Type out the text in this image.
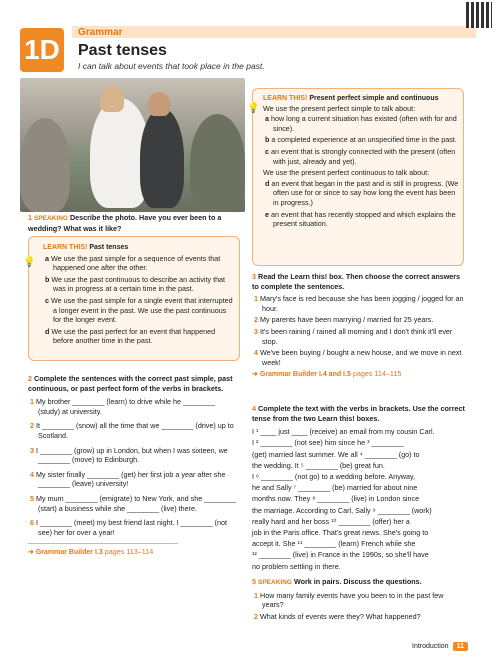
1D
Grammar
Past tenses
I can talk about events that took place in the past.
1 SPEAKING Describe the photo. Have you ever been to a wedding? What was it like?
💡
LEARN THIS! Past tenses
a We use the past simple for a sequence of events that happened one after the other.
b We use the past continuous to describe an activity that was in progress at a certain time in the past.
c We use the past simple for a single event that interrupted a longer event in the past. We use the past continuous for the longer event.
d We use the past perfect for an event that happened before another time in the past.
2 Complete the sentences with the correct past simple, past continuous, or past perfect form of the verbs in brackets.
1 My brother ________ (learn) to drive while he ________ (study) at university.
2 It ________ (snow) all the time that we ________ (drive) up to Scotland.
3 I ________ (grow) up in London, but when I was sixteen, we ________ (move) to Edinburgh.
4 My sister finally ________ (get) her first job a year after she ________ (leave) university!
5 My mum ________ (emigrate) to New York, and she ________ (start) a business while she ________ (live) there.
6 I ________ (meet) my best friend last night. I ________ (not see) her for over a year!
➜ Grammar Builder I.3 pages 113–114
💡
LEARN THIS! Present perfect simple and continuous
We use the present perfect simple to talk about:
a how long a current situation has existed (often with for and since).
b a completed experience at an unspecified time in the past.
c an event that is strongly connected with the present (often with just, already and yet).
We use the present perfect continuous to talk about:
d an event that began in the past and is still in progress. (We often use for or since to say how long the event has been in progress.)
e an event that has recently stopped and which explains the present situation.
3 Read the Learn this! box. Then choose the correct answers to complete the sentences.
1 Mary's face is red because she has been jogging / jogged for an hour.
2 My parents have been marrying / married for 25 years.
3 It's been raining / rained all morning and I don't think it'll ever stop.
4 We've been buying / bought a new house, and we move in next week!
➜ Grammar Builder I.4 and I.5 pages 114–115
4 Complete the text with the verbs in brackets. Use the correct tense from the two Learn this! boxes.
I ¹ ____ just ____ (receive) an email from my cousin Carl.
I ² ________ (not see) him since he ³ ________
(get) married last summer. We all ⁴ ________ (go) to
the wedding. It ⁵ ________ (be) great fun.
I ⁶ ________ (not go) to a wedding before. Anyway,
he and Sally ⁷ ________ (be) married for about nine
months now. They ⁸ ________ (live) in London since
the marriage. According to Carl, Sally ⁹ ________ (work)
really hard and her boss ¹⁰ ________ (offer) her a
job in the Paris office. That's great news. She's going to
accept it. She ¹¹ ________ (learn) French while she
¹² ________ (live) in France in the 1990s, so she'll have
no problem settling in there.
5 SPEAKING Work in pairs. Discuss the questions.
1 How many family events have you been to in the past few years?
2 What kinds of events were they? What happened?
Introduction 11
